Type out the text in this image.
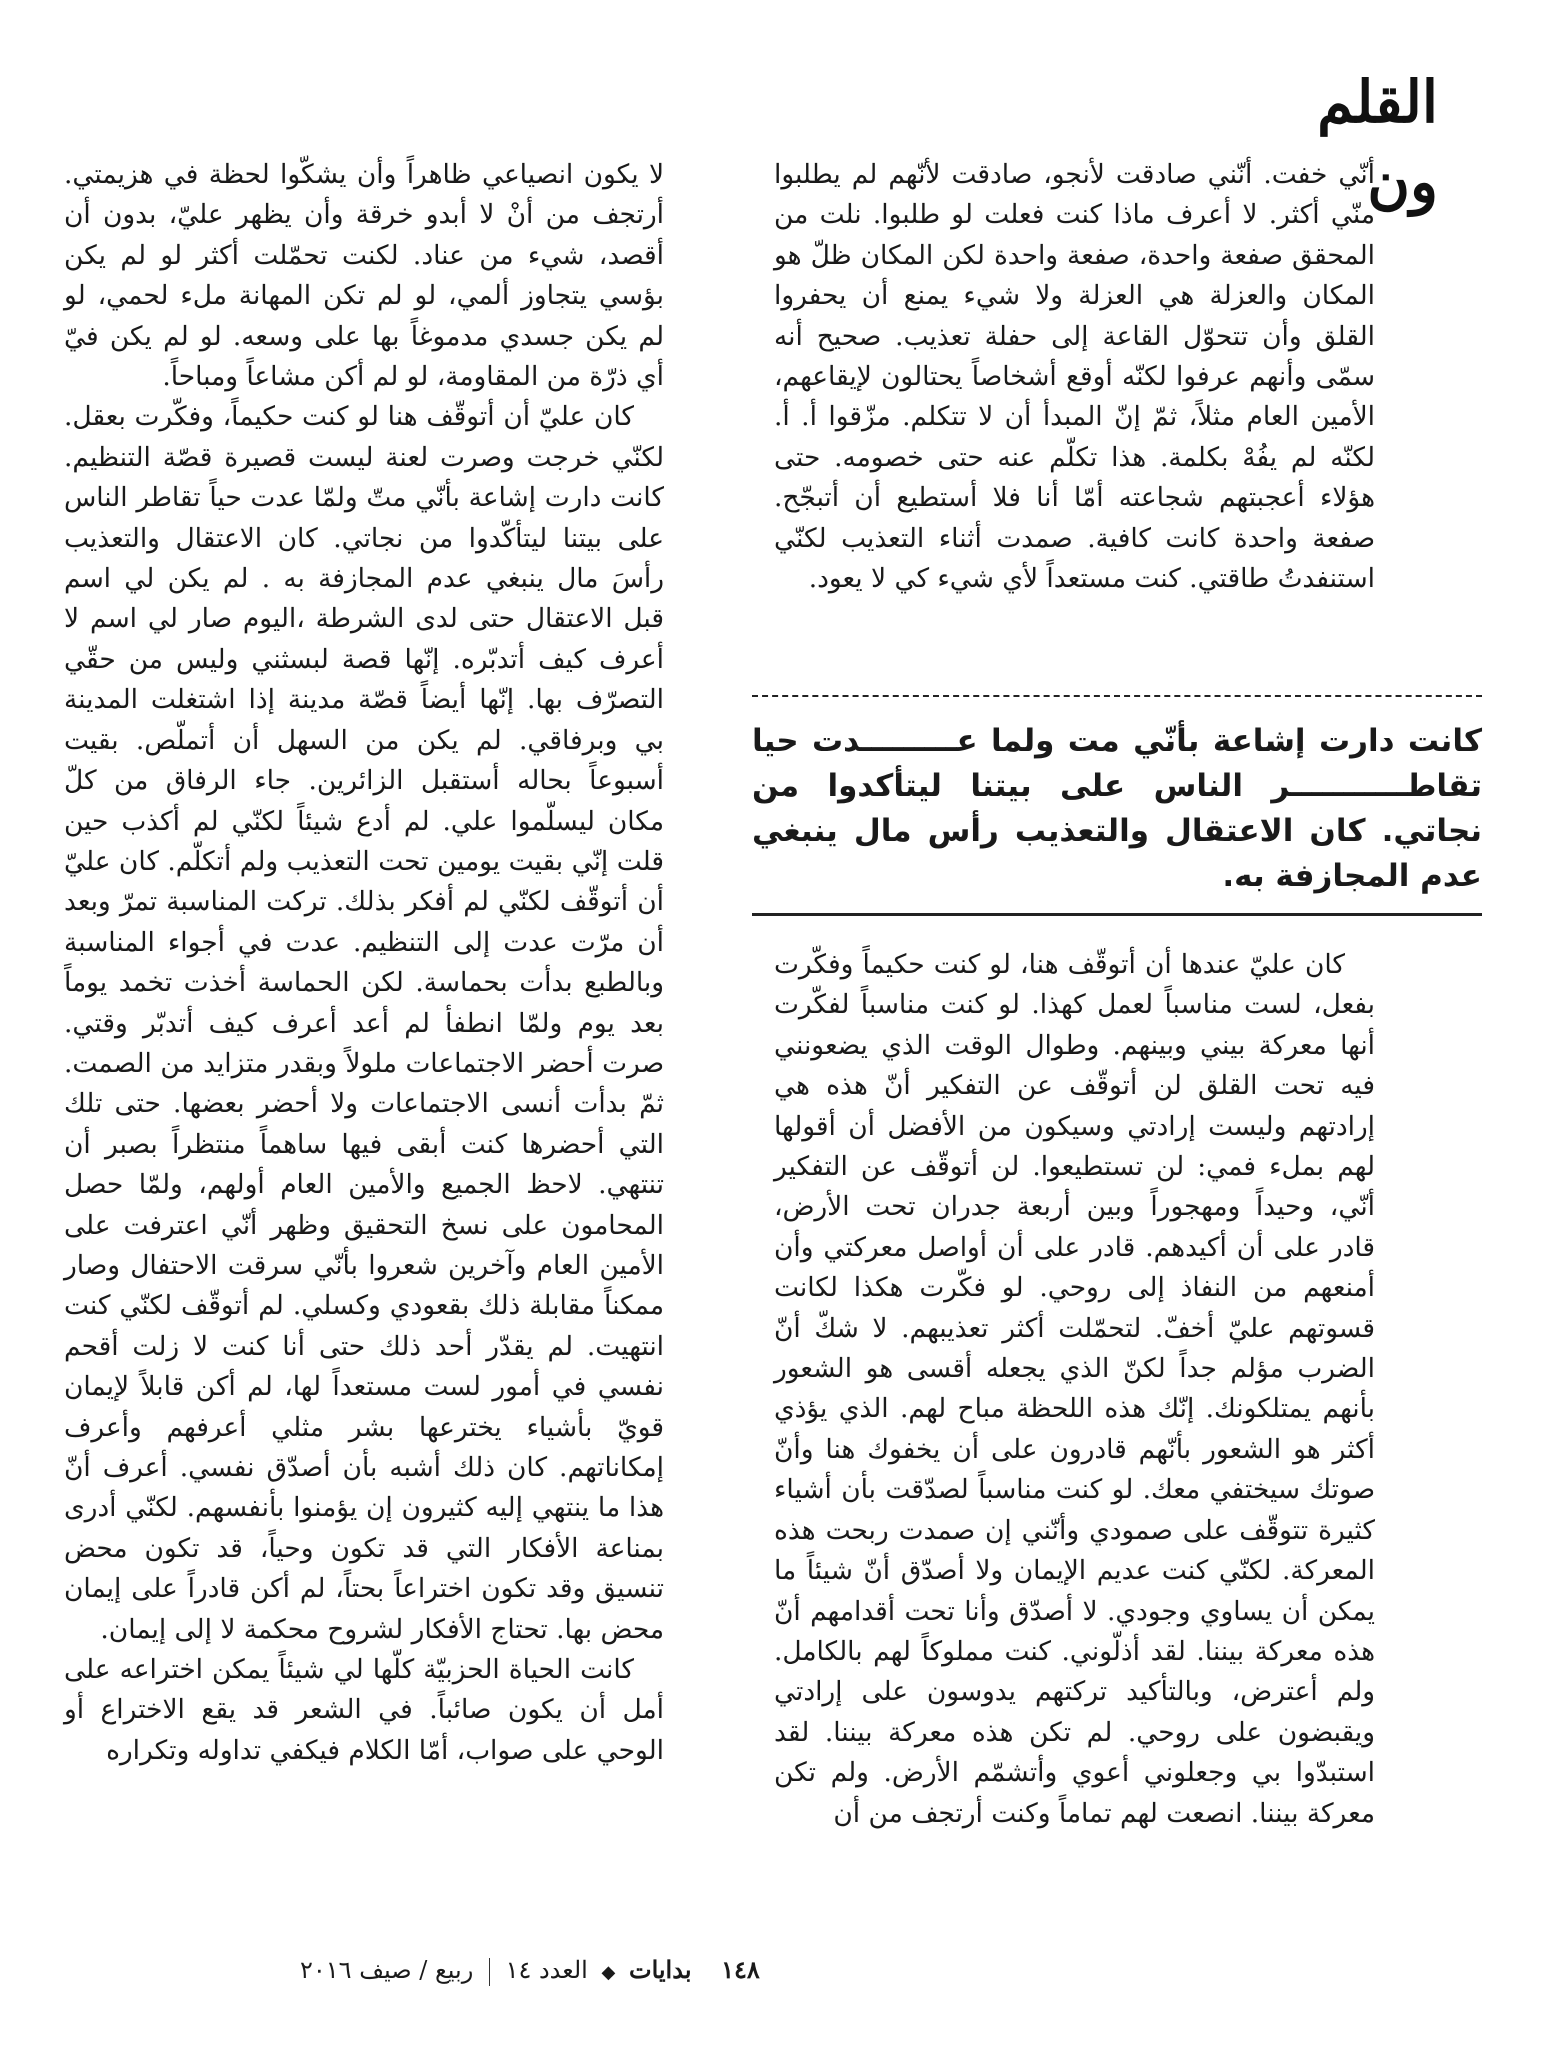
القلم ون

أنّي خفت. أنّني صادقت لأنجو، صادقت لأنّهم لم يطلبوا منّي أكثر. لا أعرف ماذا كنت فعلت لو طلبوا. نلت من المحقق صفعة واحدة، صفعة واحدة لكن المكان ظلّ هو المكان والعزلة هي العزلة ولا شيء يمنع أن يحفروا القلق وأن تتحوّل القاعة إلى حفلة تعذيب. صحيح أنه سمّى وأنهم عرفوا لكنّه أوقع أشخاصاً يحتالون لإيقاعهم، الأمين العام مثلاً، ثمّ إنّ المبدأ أن لا تتكلم. مزّقوا أ. أ. لكنّه لم يفُهْ بكلمة. هذا تكلّم عنه حتى خصومه. حتى هؤلاء أعجبتهم شجاعته أمّا أنا فلا أستطيع أن أتبجّح. صفعة واحدة كانت كافية. صمدت أثناء التعذيب لكنّي استنفدتُ طاقتي. كنت مستعداً لأي شيء كي لا يعود.

كانت دارت إشاعة بأنّي مت ولما عـــــــــدت حيا تقاطـــــــــــر الناس على بيتنا ليتأكدوا من نجاتي. كان الاعتقال والتعذيب رأس مال ينبغي عدم المجازفة به.

كان عليّ عندها أن أتوقّف هنا، لو كنت حكيماً وفكّرت بفعل، لست مناسباً لعمل كهذا. لو كنت مناسباً لفكّرت أنها معركة بيني وبينهم. وطوال الوقت الذي يضعونني فيه تحت القلق لن أتوقّف عن التفكير أنّ هذه هي إرادتهم وليست إرادتي وسيكون من الأفضل أن أقولها لهم بملء فمي: لن تستطيعوا. لن أتوقّف عن التفكير أنّي، وحيداً ومهجوراً وبين أربعة جدران تحت الأرض، قادر على أن أكيدهم. قادر على أن أواصل معركتي وأن أمنعهم من النفاذ إلى روحي. لو فكّرت هكذا لكانت قسوتهم عليّ أخفّ. لتحمّلت أكثر تعذيبهم. لا شكّ أنّ الضرب مؤلم جداً لكنّ الذي يجعله أقسى هو الشعور بأنهم يمتلكونك. إنّك هذه اللحظة مباح لهم. الذي يؤذي أكثر هو الشعور بأنّهم قادرون على أن يخفوك هنا وأنّ صوتك سيختفي معك. لو كنت مناسباً لصدّقت بأن أشياء كثيرة تتوقّف على صمودي وأنّني إن صمدت ربحت هذه المعركة. لكنّي كنت عديم الإيمان ولا أصدّق أنّ شيئاً ما يمكن أن يساوي وجودي. لا أصدّق وأنا تحت أقدامهم أنّ هذه معركة بيننا. لقد أذلّوني. كنت مملوكاً لهم بالكامل. ولم أعترض، وبالتأكيد تركتهم يدوسون على إرادتي ويقبضون على روحي. لم تكن هذه معركة بيننا. لقد استبدّوا بي وجعلوني أعوي وأتشمّم الأرض. ولم تكن معركة بيننا. انصعت لهم تماماً وكنت أرتجف من أن

لا يكون انصياعي ظاهراً وأن يشكّوا لحظة في هزيمتي. أرتجف من أنْ لا أبدو خرقة وأن يظهر عليّ، بدون أن أقصد، شيء من عناد. لكنت تحمّلت أكثر لو لم يكن بؤسي يتجاوز ألمي، لو لم تكن المهانة ملء لحمي، لو لم يكن جسدي مدموغاً بها على وسعه. لو لم يكن فيّ أي ذرّة من المقاومة، لو لم أكن مشاعاً ومباحاً.

كان عليّ أن أتوقّف هنا لو كنت حكيماً، وفكّرت بعقل. لكنّي خرجت وصرت لعنة ليست قصيرة قصّة التنظيم. كانت دارت إشاعة بأنّي متّ ولمّا عدت حياً تقاطر الناس على بيتنا ليتأكّدوا من نجاتي. كان الاعتقال والتعذيب رأسَ مال ينبغي عدم المجازفة به . لم يكن لي اسم قبل الاعتقال حتى لدى الشرطة ،اليوم صار لي اسم لا أعرف كيف أتدبّره. إنّها قصة لبسثني وليس من حقّي التصرّف بها. إنّها أيضاً قصّة مدينة إذا اشتغلت المدينة بي وبرفاقي. لم يكن من السهل أن أتملّص. بقيت أسبوعاً بحاله أستقبل الزائرين. جاء الرفاق من كلّ مكان ليسلّموا علي. لم أدع شيئاً لكنّي لم أكذب حين قلت إنّي بقيت يومين تحت التعذيب ولم أتكلّم. كان عليّ أن أتوقّف لكنّي لم أفكر بذلك. تركت المناسبة تمرّ وبعد أن مرّت عدت إلى التنظيم. عدت في أجواء المناسبة وبالطبع بدأت بحماسة. لكن الحماسة أخذت تخمد يوماً بعد يوم ولمّا انطفأ لم أعد أعرف كيف أتدبّر وقتي. صرت أحضر الاجتماعات ملولاً وبقدر متزايد من الصمت. ثمّ بدأت أنسى الاجتماعات ولا أحضر بعضها. حتى تلك التي أحضرها كنت أبقى فيها ساهماً منتظراً بصبر أن تنتهي. لاحظ الجميع والأمين العام أولهم، ولمّا حصل المحامون على نسخ التحقيق وظهر أنّي اعترفت على الأمين العام وآخرين شعروا بأنّي سرقت الاحتفال وصار ممكناً مقابلة ذلك بقعودي وكسلي. لم أتوقّف لكنّي كنت انتهيت. لم يقدّر أحد ذلك حتى أنا كنت لا زلت أقحم نفسي في أمور لست مستعداً لها، لم أكن قابلاً لإيمان قويّ بأشياء يخترعها بشر مثلي أعرفهم وأعرف إمكاناتهم. كان ذلك أشبه بأن أصدّق نفسي. أعرف أنّ هذا ما ينتهي إليه كثيرون إن يؤمنوا بأنفسهم. لكنّي أدرى بمناعة الأفكار التي قد تكون وحياً، قد تكون محض تنسيق وقد تكون اختراعاً بحتاً، لم أكن قادراً على إيمان محض بها. تحتاج الأفكار لشروح محكمة لا إلى إيمان.

كانت الحياة الحزبيّة كلّها لي شيئاً يمكن اختراعه على أمل أن يكون صائباً. في الشعر قد يقع الاختراع أو الوحي على صواب، أمّا الكلام فيكفي تداوله وتكراره

١٤٨ بدايات ◆ العدد ١٤  ربيع / صيف ٢٠١٦
